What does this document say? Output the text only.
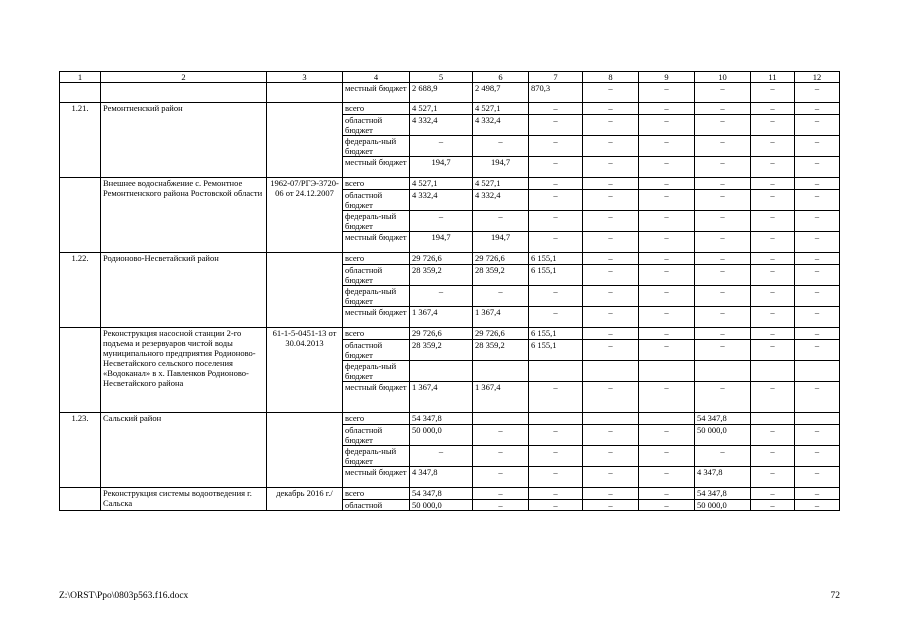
1	2	3	4	5	6	7	8	9	10	11	12
			местный бюджет	2 688,9	2 498,7	870,3	–	–	–	–	–
1.21.	Ремонтненский район		всего	4 527,1	4 527,1	–	–	–	–	–	–
			областной бюджет	4 332,4	4 332,4	–	–	–	–	–	–
			федераль-ный бюджет	–	–	–	–	–	–	–	–
			местный бюджет	194,7	194,7	–	–	–	–	–	–
	Внешнее водоснабжение с. Ремонтное Ремонтненского района Ростовской области	1962-07/РГЭ-3720-06 от 24.12.2007	всего	4 527,1	4 527,1	–	–	–	–	–	–
			областной бюджет	4 332,4	4 332,4	–	–	–	–	–	–
			федераль-ный бюджет	–	–	–	–	–	–	–	–
			местный бюджет	194,7	194,7	–	–	–	–	–	–
1.22.	Родионово-Несветайский район		всего	29 726,6	29 726,6	6 155,1	–	–	–	–	–
			областной бюджет	28 359,2	28 359,2	6 155,1	–	–	–	–	–
			федераль-ный бюджет	–	–	–	–	–	–	–	–
			местный бюджет	1 367,4	1 367,4	–	–	–	–	–	–
	Реконструкция насосной станции 2-го подъема и резервуаров чистой воды муниципального предприятия Родионово-Несветайского сельского поселения «Водоканал» в х. Павленков Родионово-Несветайского района	61-1-5-0451-13 от 30.04.2013	всего	29 726,6	29 726,6	6 155,1	–	–	–	–	–
			областной бюджет	28 359,2	28 359,2	6 155,1	–	–	–	–	–
			федераль-ный бюджет								
			местный бюджет	1 367,4	1 367,4	–	–	–	–	–	–
1.23.	Сальский район		всего	54 347,8					54 347,8		
			областной бюджет	50 000,0	–	–	–	–	50 000,0	–	–
			федераль-ный бюджет	–	–	–	–	–	–	–	–
			местный бюджет	4 347,8	–	–	–	–	4 347,8	–	–
	Реконструкция системы водоотведения г. Сальска	декабрь 2016 г./	всего	54 347,8	–	–	–	–	54 347,8	–	–
			областной	50 000,0	–	–	–	–	50 000,0	–	–
Z:\ORST\Ppo\0803p563.f16.docx	72
